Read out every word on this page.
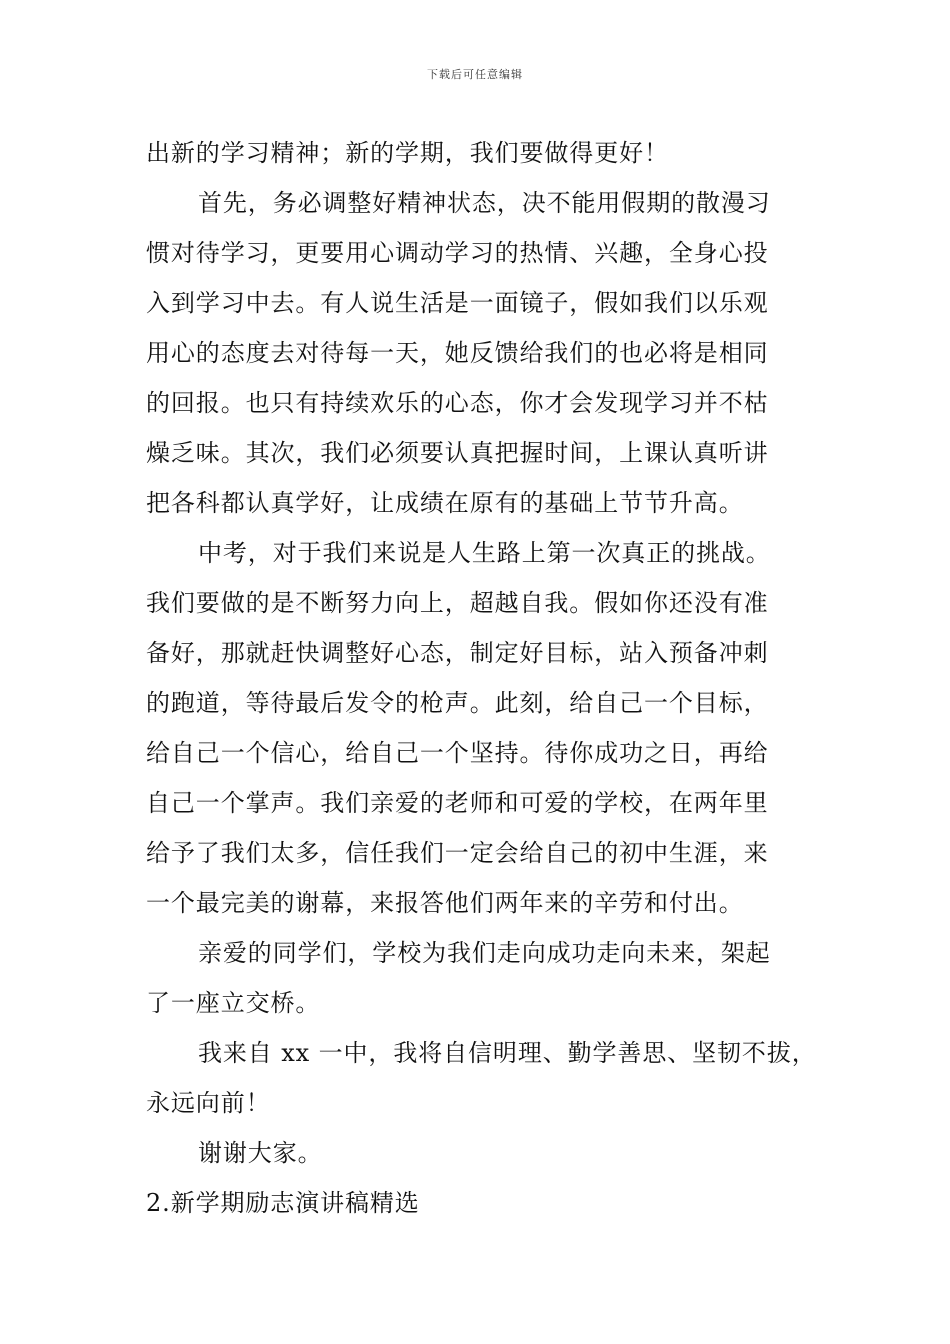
下载后可任意编辑
出新的学习精神；新的学期，我们要做得更好！
首先，务必调整好精神状态，决不能用假期的散漫习
惯对待学习，更要用心调动学习的热情、兴趣，全身心投
入到学习中去。有人说生活是一面镜子，假如我们以乐观
用心的态度去对待每一天，她反馈给我们的也必将是相同
的回报。也只有持续欢乐的心态，你才会发现学习并不枯
燥乏味。其次，我们必须要认真把握时间，上课认真听讲
把各科都认真学好，让成绩在原有的基础上节节升高。
中考，对于我们来说是人生路上第一次真正的挑战。
我们要做的是不断努力向上，超越自我。假如你还没有准
备好，那就赶快调整好心态，制定好目标，站入预备冲刺
的跑道，等待最后发令的枪声。此刻，给自己一个目标，
给自己一个信心，给自己一个坚持。待你成功之日，再给
自己一个掌声。我们亲爱的老师和可爱的学校，在两年里
给予了我们太多，信任我们一定会给自己的初中生涯，来
一个最完美的谢幕，来报答他们两年来的辛劳和付出。
亲爱的同学们，学校为我们走向成功走向未来，架起
了一座立交桥。
我来自 xx 一中，我将自信明理、勤学善思、坚韧不拔，
永远向前！
谢谢大家。
2.新学期励志演讲稿精选
